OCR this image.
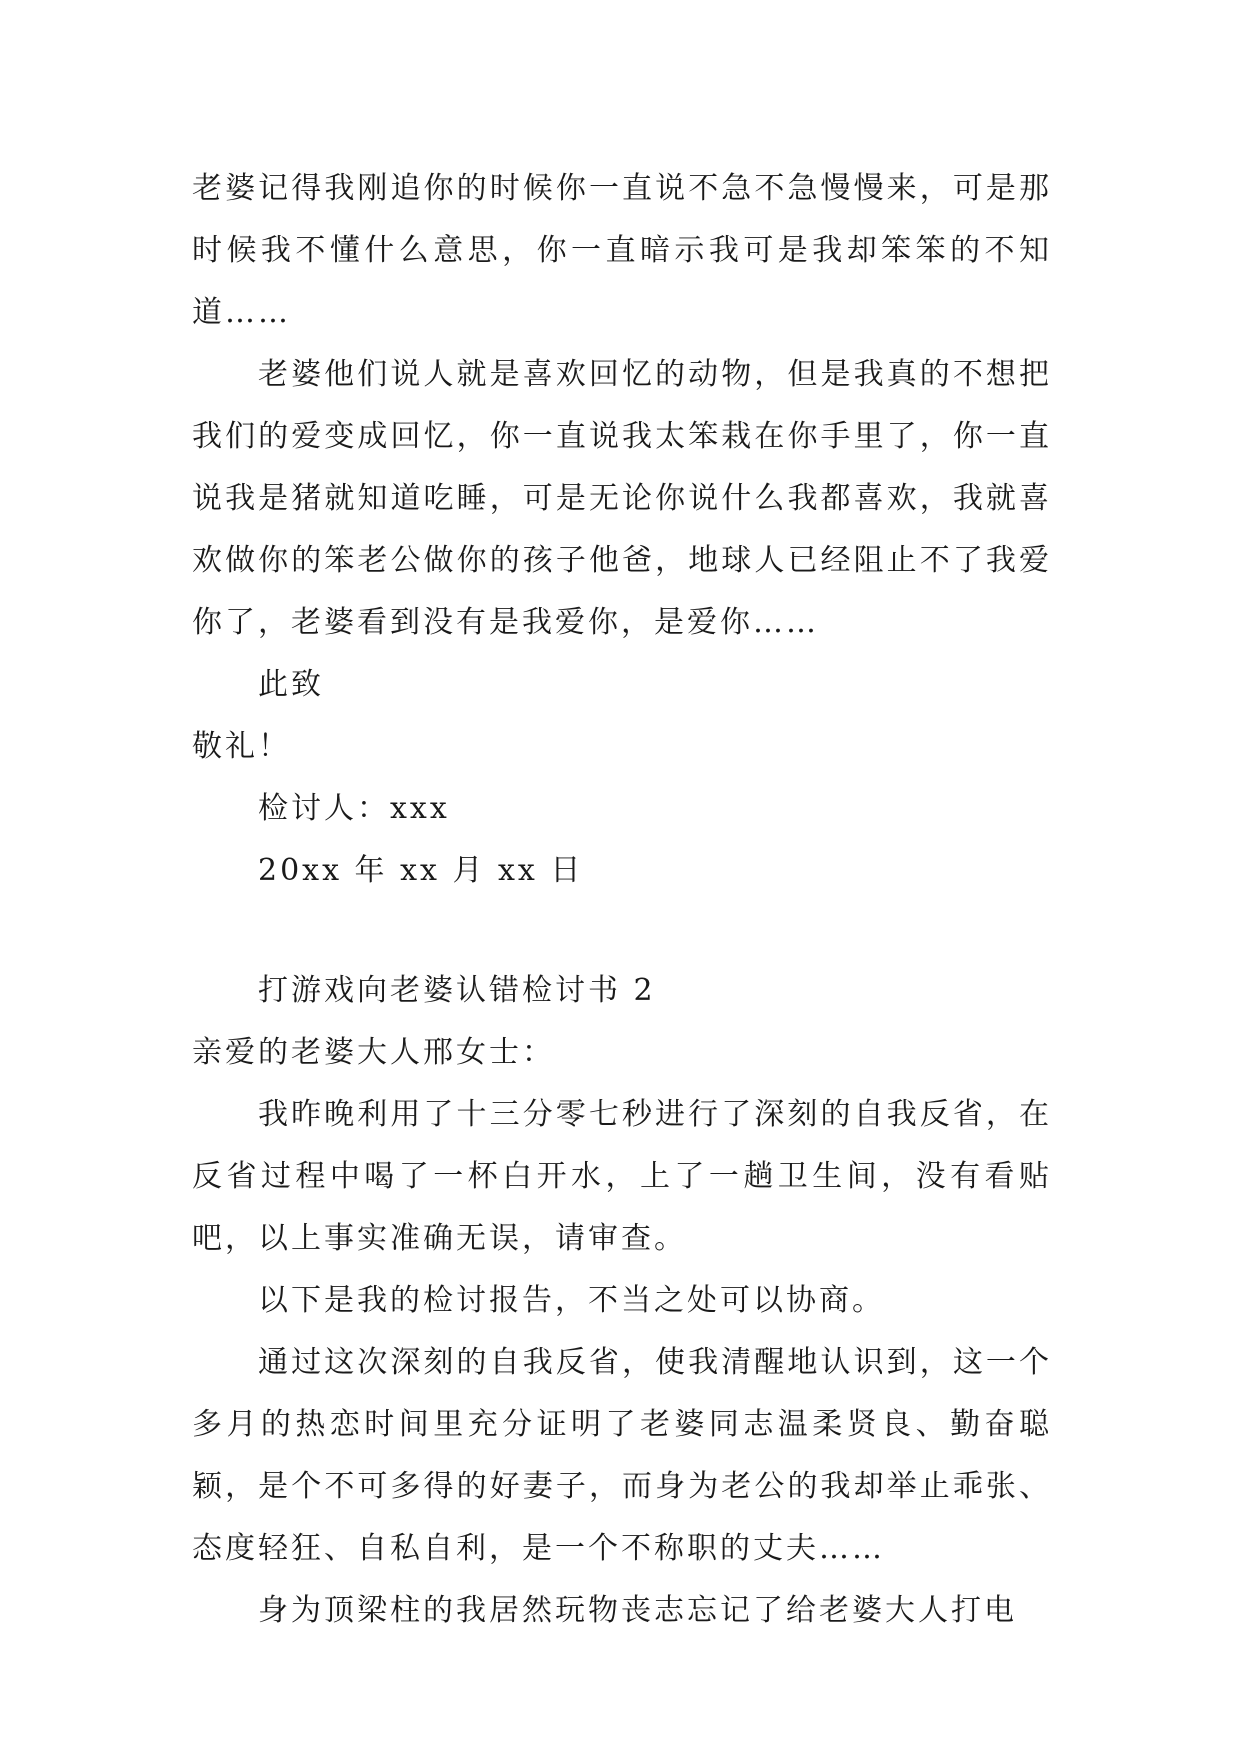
老婆记得我刚追你的时候你一直说不急不急慢慢来，可是那时候我不懂什么意思，你一直暗示我可是我却笨笨的不知道……

老婆他们说人就是喜欢回忆的动物，但是我真的不想把我们的爱变成回忆，你一直说我太笨栽在你手里了，你一直说我是猪就知道吃睡，可是无论你说什么我都喜欢，我就喜欢做你的笨老公做你的孩子他爸，地球人已经阻止不了我爱你了，老婆看到没有是我爱你，是爱你……

此致

敬礼！

检讨人：xxx

20xx 年 xx 月 xx 日

打游戏向老婆认错检讨书 2

亲爱的老婆大人邢女士：

我昨晚利用了十三分零七秒进行了深刻的自我反省，在反省过程中喝了一杯白开水，上了一趟卫生间，没有看贴吧，以上事实准确无误，请审查。

以下是我的检讨报告，不当之处可以协商。

通过这次深刻的自我反省，使我清醒地认识到，这一个多月的热恋时间里充分证明了老婆同志温柔贤良、勤奋聪颖，是个不可多得的好妻子，而身为老公的我却举止乖张、态度轻狂、自私自利，是一个不称职的丈夫……

身为顶梁柱的我居然玩物丧志忘记了给老婆大人打电
